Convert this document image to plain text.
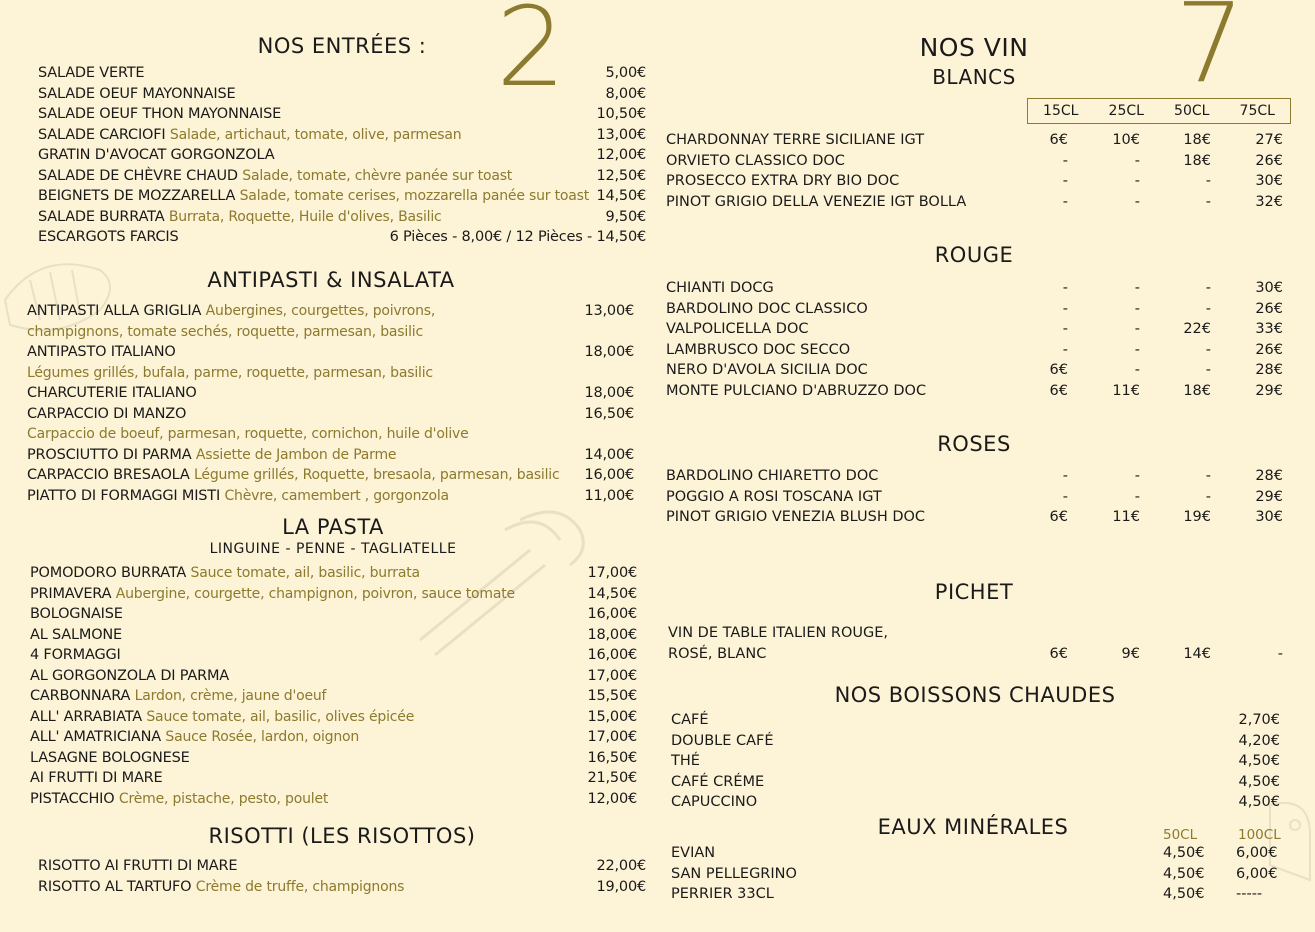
2	7
NOS ENTRÉES :
SALADE VERTE	5,00€
SALADE OEUF MAYONNAISE	8,00€
SALADE OEUF THON MAYONNAISE	10,50€
SALADE CARCIOFI Salade, artichaut, tomate, olive, parmesan	13,00€
GRATIN D'AVOCAT GORGONZOLA	12,00€
SALADE DE CHÈVRE CHAUD Salade, tomate, chèvre panée sur toast	12,50€
BEIGNETS DE MOZZARELLA Salade, tomate cerises, mozzarella panée sur toast 14,50€
SALADE BURRATA Burrata, Roquette, Huile d'olives, Basilic	9,50€
ESCARGOTS FARCIS	6 Pièces - 8,00€ / 12 Pièces - 14,50€
ANTIPASTI & INSALATA
ANTIPASTI ALLA GRIGLIA Aubergines, courgettes, poivrons,	13,00€
champignons, tomate sechés, roquette, parmesan, basilic
ANTIPASTO ITALIANO	18,00€
Légumes grillés, bufala, parme, roquette, parmesan, basilic
CHARCUTERIE ITALIANO	18,00€
CARPACCIO DI MANZO	16,50€
Carpaccio de boeuf, parmesan, roquette, cornichon, huile d'olive
PROSCIUTTO DI PARMA Assiette de Jambon de Parme	14,00€
CARPACCIO BRESAOLA Légume grillés, Roquette, bresaola, parmesan, basilic 16,00€
PIATTO DI FORMAGGI MISTI Chèvre, camembert , gorgonzola	11,00€
LA PASTA
LINGUINE - PENNE - TAGLIATELLE
POMODORO BURRATA Sauce tomate, ail, basilic, burrata	17,00€
PRIMAVERA Aubergine, courgette, champignon, poivron, sauce tomate	14,50€
BOLOGNAISE	16,00€
AL SALMONE	18,00€
4 FORMAGGI	16,00€
AL GORGONZOLA DI PARMA	17,00€
CARBONNARA Lardon, crème, jaune d'oeuf	15,50€
ALL' ARRABIATA Sauce tomate, ail, basilic, olives épicée	15,00€
ALL' AMATRICIANA Sauce Rosée, lardon, oignon	17,00€
LASAGNE BOLOGNESE	16,50€
AI FRUTTI DI MARE	21,50€
PISTACCHIO Crème, pistache, pesto, poulet	12,00€
RISOTTI (LES RISOTTOS)
RISOTTO AI FRUTTI DI MARE	22,00€
RISOTTO AL TARTUFO Crème de truffe, champignons	19,00€
NOS VIN
BLANCS
15CL	25CL	50CL	75CL
CHARDONNAY TERRE SICILIANE IGT	6€	10€	18€	27€
ORVIETO CLASSICO DOC	-	-	18€	26€
PROSECCO EXTRA DRY BIO DOC	-	-	-	30€
PINOT GRIGIO DELLA VENEZIE IGT BOLLA	-	-	-	32€
ROUGE
CHIANTI DOCG	-	-	-	30€
BARDOLINO DOC CLASSICO	-	-	-	26€
VALPOLICELLA DOC	-	-	22€	33€
LAMBRUSCO DOC SECCO	-	-	-	26€
NERO D'AVOLA SICILIA DOC	6€	-	-	28€
MONTE PULCIANO D'ABRUZZO DOC	6€	11€	18€	29€
ROSES
BARDOLINO CHIARETTO DOC	-	-	-	28€
POGGIO A ROSI TOSCANA IGT	-	-	-	29€
PINOT GRIGIO VENEZIA BLUSH DOC	6€	11€	19€	30€
PICHET
VIN DE TABLE ITALIEN ROUGE,
ROSÉ, BLANC	6€	9€	14€	-
NOS BOISSONS CHAUDES
CAFÉ	2,70€
DOUBLE CAFÉ	4,20€
THÉ	4,50€
CAFÉ CRÉME	4,50€
CAPUCCINO	4,50€
EAUX MINÉRALES	50CL	100CL
EVIAN	4,50€	6,00€
SAN PELLEGRINO	4,50€	6,00€
PERRIER 33CL	4,50€	-----
